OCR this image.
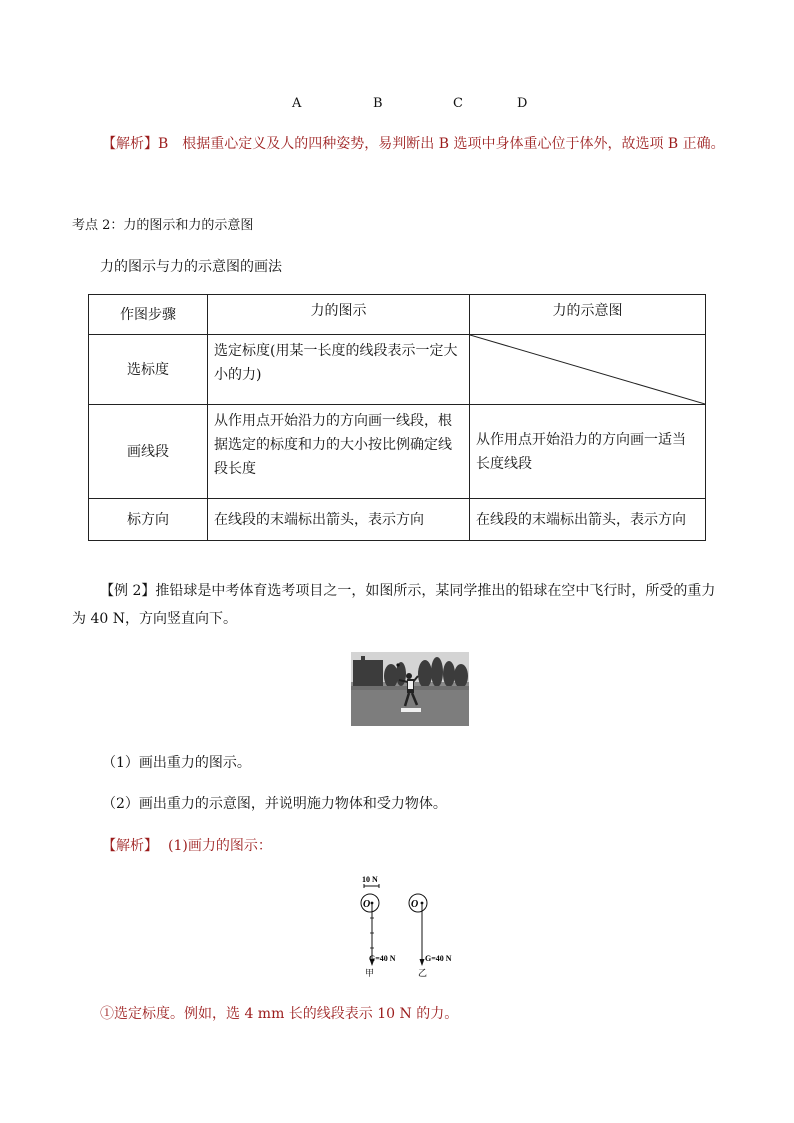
A	B	C	D
【解析】B　根据重心定义及人的四种姿势，易判断出 B 选项中身体重心位于体外，故选项 B 正确。
考点 2：力的图示和力的示意图
力的图示与力的示意图的画法
作图步骤	力的图示	力的示意图
选标度	选定标度(用某一长度的线段表示一定大小的力)	

画线段	从作用点开始沿力的方向画一线段，根据选定的标度和力的大小按比例确定线段长度	从作用点开始沿力的方向画一适当长度线段
标方向	在线段的末端标出箭头，表示方向	在线段的末端标出箭头，表示方向
【例 2】推铅球是中考体育选考项目之一，如图所示，某同学推出的铅球在空中飞行时，所受的重力
为 40 N，方向竖直向下。
（1）画出重力的图示。
（2）画出重力的示意图，并说明施力物体和受力物体。
【解析】 (1)画力的图示：
10 N
O
G=40 N
甲
O
G=40 N
乙
①选定标度。例如，选 4 mm 长的线段表示 10 N 的力。
